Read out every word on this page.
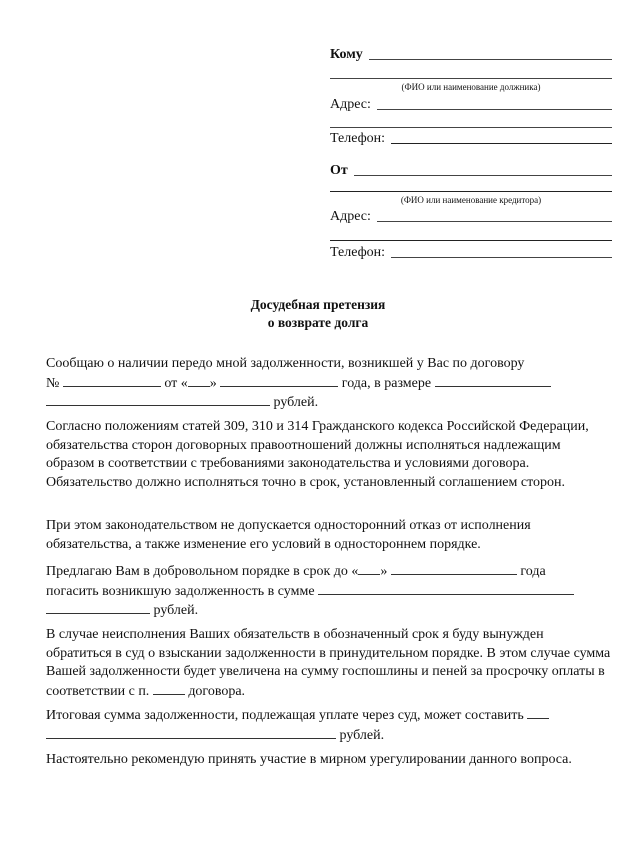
Кому
(ФИО или наименование должника)
Адрес:
Телефон:
От
(ФИО или наименование кредитора)
Адрес:
Телефон:
Досудебная претензия
о возврате долга

Сообщаю о наличии передо мной задолженности, возникшей у Вас по договору
№	от « »	года, в размере
рублей.

Согласно положениям статей 309, 310 и 314 Гражданского кодекса Российской Федерации, обязательства сторон договорных правоотношений должны исполняться надлежащим образом в соответствии с требованиями законодательства и условиями договора. Обязательство должно исполняться точно в срок, установленный соглашением сторон.

При этом законодательством не допускается односторонний отказ от исполнения обязательства, а также изменение его условий в одностороннем порядке.

Предлагаю Вам в добровольном порядке в срок до « »	года
погасить возникшую задолженность в сумме
рублей.

В случае неисполнения Ваших обязательств в обозначенный срок я буду вынужден обратиться в суд о взыскании задолженности в принудительном порядке. В этом случае сумма Вашей задолженности будет увеличена на сумму госпошлины и пеней за просрочку оплаты в соответствии с п.	договора.

Итоговая сумма задолженности, подлежащая уплате через суд, может составить
рублей.

Настоятельно рекомендую принять участие в мирном урегулировании данного вопроса.
